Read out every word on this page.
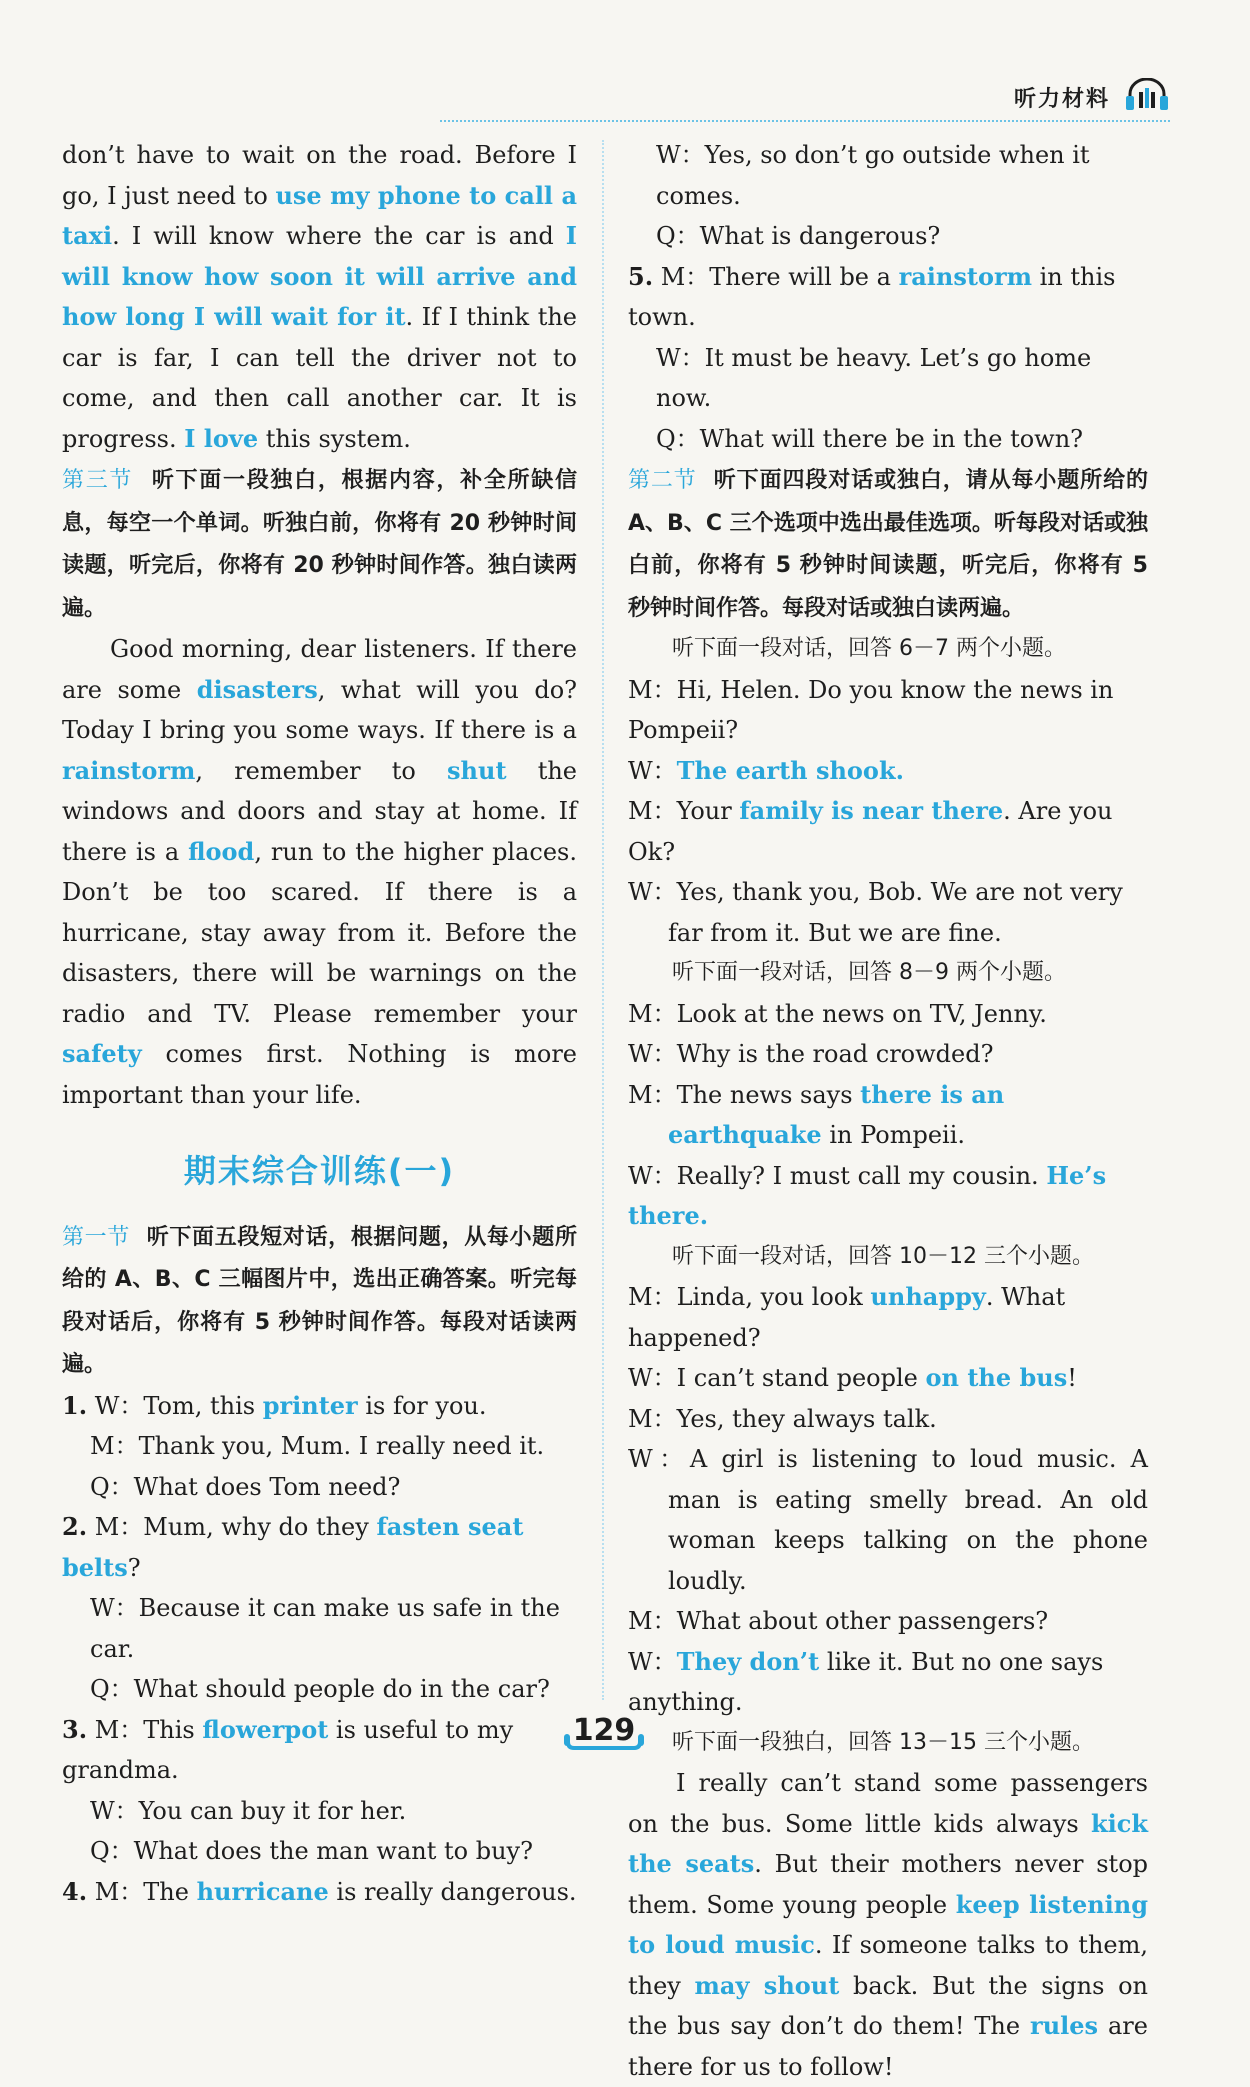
听力材料

don’t have to wait on the road. Before I go, I just need to use my phone to call a taxi. I will know where the car is and I will know how soon it will arrive and how long I will wait for it. If I think the car is far, I can tell the driver not to come, and then call another car. It is progress. I love this system.

第三节 听下面一段独白，根据内容，补全所缺信息，每空一个单词。听独白前，你将有 20 秒钟时间读题，听完后，你将有 20 秒钟时间作答。独白读两遍。

Good morning, dear listeners. If there are some disasters, what will you do? Today I bring you some ways. If there is a rainstorm, remember to shut the windows and doors and stay at home. If there is a flood, run to the higher places. Don’t be too scared. If there is a hurricane, stay away from it. Before the disasters, there will be warnings on the radio and TV. Please remember your safety comes first. Nothing is more important than your life.

期末综合训练(一)

第一节 听下面五段短对话，根据问题，从每小题所给的 A、B、C 三幅图片中，选出正确答案。听完每段对话后，你将有 5 秒钟时间作答。每段对话读两遍。

1. W：Tom, this printer is for you.

M：Thank you, Mum. I really need it.

Q：What does Tom need?

2. M：Mum, why do they fasten seat belts?

W：Because it can make us safe in the car.

Q：What should people do in the car?

3. M：This flowerpot is useful to my grandma.

W：You can buy it for her.

Q：What does the man want to buy?

4. M：The hurricane is really dangerous.

W：Yes, so don’t go outside when it comes.

Q：What is dangerous?

5. M：There will be a rainstorm in this town.

W：It must be heavy. Let’s go home now.

Q：What will there be in the town?

第二节 听下面四段对话或独白，请从每小题所给的 A、B、C 三个选项中选出最佳选项。听每段对话或独白前，你将有 5 秒钟时间读题，听完后，你将有 5 秒钟时间作答。每段对话或独白读两遍。

听下面一段对话，回答 6－7 两个小题。

M：Hi, Helen. Do you know the news in Pompeii?

W：The earth shook.

M：Your family is near there. Are you Ok?

W：Yes, thank you, Bob. We are not very far from it. But we are fine.

听下面一段对话，回答 8－9 两个小题。

M：Look at the news on TV, Jenny.

W：Why is the road crowded?

M：The news says there is an earthquake in Pompeii.

W：Really? I must call my cousin. He’s there.

听下面一段对话，回答 10－12 三个小题。

M：Linda, you look unhappy. What happened?

W：I can’t stand people on the bus!

M：Yes, they always talk.

W：A girl is listening to loud music. A man is eating smelly bread. An old woman keeps talking on the phone loudly.

M：What about other passengers?

W：They don’t like it. But no one says anything.

听下面一段独白，回答 13－15 三个小题。

I really can’t stand some passengers on the bus. Some little kids always kick the seats. But their mothers never stop them. Some young people keep listening to loud music. If someone talks to them, they may shout back. But the signs on the bus say don’t do them! The rules are there for us to follow!

129
